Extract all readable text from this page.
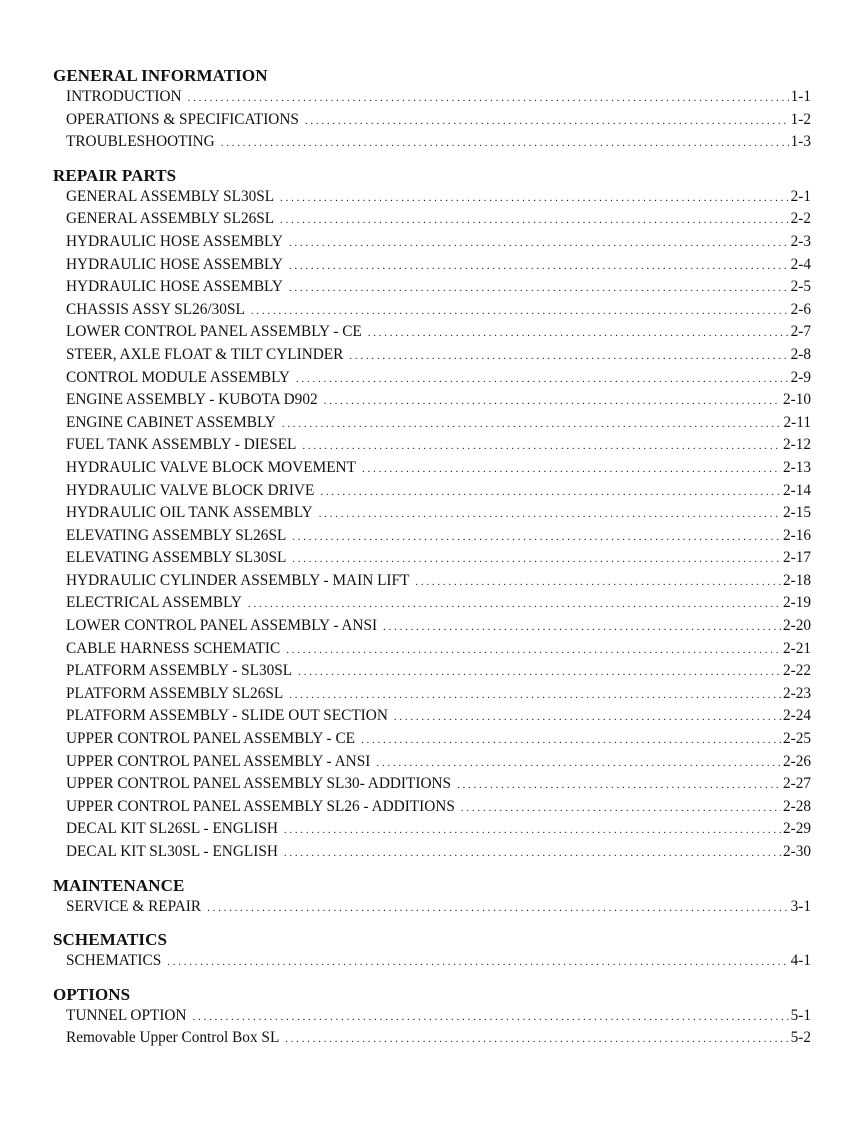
GENERAL INFORMATION
INTRODUCTION . . .	1-1
OPERATIONS & SPECIFICATIONS . . .	1-2
TROUBLESHOOTING . . .	1-3
REPAIR PARTS
GENERAL ASSEMBLY SL30SL . . .	2-1
GENERAL ASSEMBLY SL26SL . . .	2-2
HYDRAULIC HOSE ASSEMBLY . . .	2-3
HYDRAULIC HOSE ASSEMBLY . . .	2-4
HYDRAULIC HOSE ASSEMBLY . . .	2-5
CHASSIS ASSY SL26/30SL . . .	2-6
LOWER CONTROL PANEL ASSEMBLY - CE . . .	2-7
STEER, AXLE FLOAT & TILT CYLINDER . . .	2-8
CONTROL MODULE ASSEMBLY . . .	2-9
ENGINE ASSEMBLY - KUBOTA D902 . . .	2-10
ENGINE CABINET ASSEMBLY . . .	2-11
FUEL TANK ASSEMBLY - DIESEL . . .	2-12
HYDRAULIC VALVE BLOCK MOVEMENT . . .	2-13
HYDRAULIC VALVE BLOCK DRIVE . . .	2-14
HYDRAULIC OIL TANK ASSEMBLY . . .	2-15
ELEVATING ASSEMBLY SL26SL . . .	2-16
ELEVATING ASSEMBLY SL30SL . . .	2-17
HYDRAULIC CYLINDER ASSEMBLY - MAIN LIFT . . .	2-18
ELECTRICAL ASSEMBLY . . .	2-19
LOWER CONTROL PANEL ASSEMBLY - ANSI . . .	2-20
CABLE HARNESS SCHEMATIC . . .	2-21
PLATFORM ASSEMBLY - SL30SL . . .	2-22
PLATFORM ASSEMBLY SL26SL . . .	2-23
PLATFORM ASSEMBLY - SLIDE OUT SECTION . . .	2-24
UPPER CONTROL PANEL ASSEMBLY - CE . . .	2-25
UPPER CONTROL PANEL ASSEMBLY - ANSI . . .	2-26
UPPER CONTROL PANEL ASSEMBLY SL30- ADDITIONS . . .	2-27
UPPER CONTROL PANEL ASSEMBLY SL26 - ADDITIONS . . .	2-28
DECAL KIT SL26SL - ENGLISH . . .	2-29
DECAL KIT SL30SL - ENGLISH . . .	2-30
MAINTENANCE
SERVICE & REPAIR . . .	3-1
SCHEMATICS
SCHEMATICS . . .	4-1
OPTIONS
TUNNEL OPTION . . .	5-1
Removable Upper Control Box SL . . .	5-2
